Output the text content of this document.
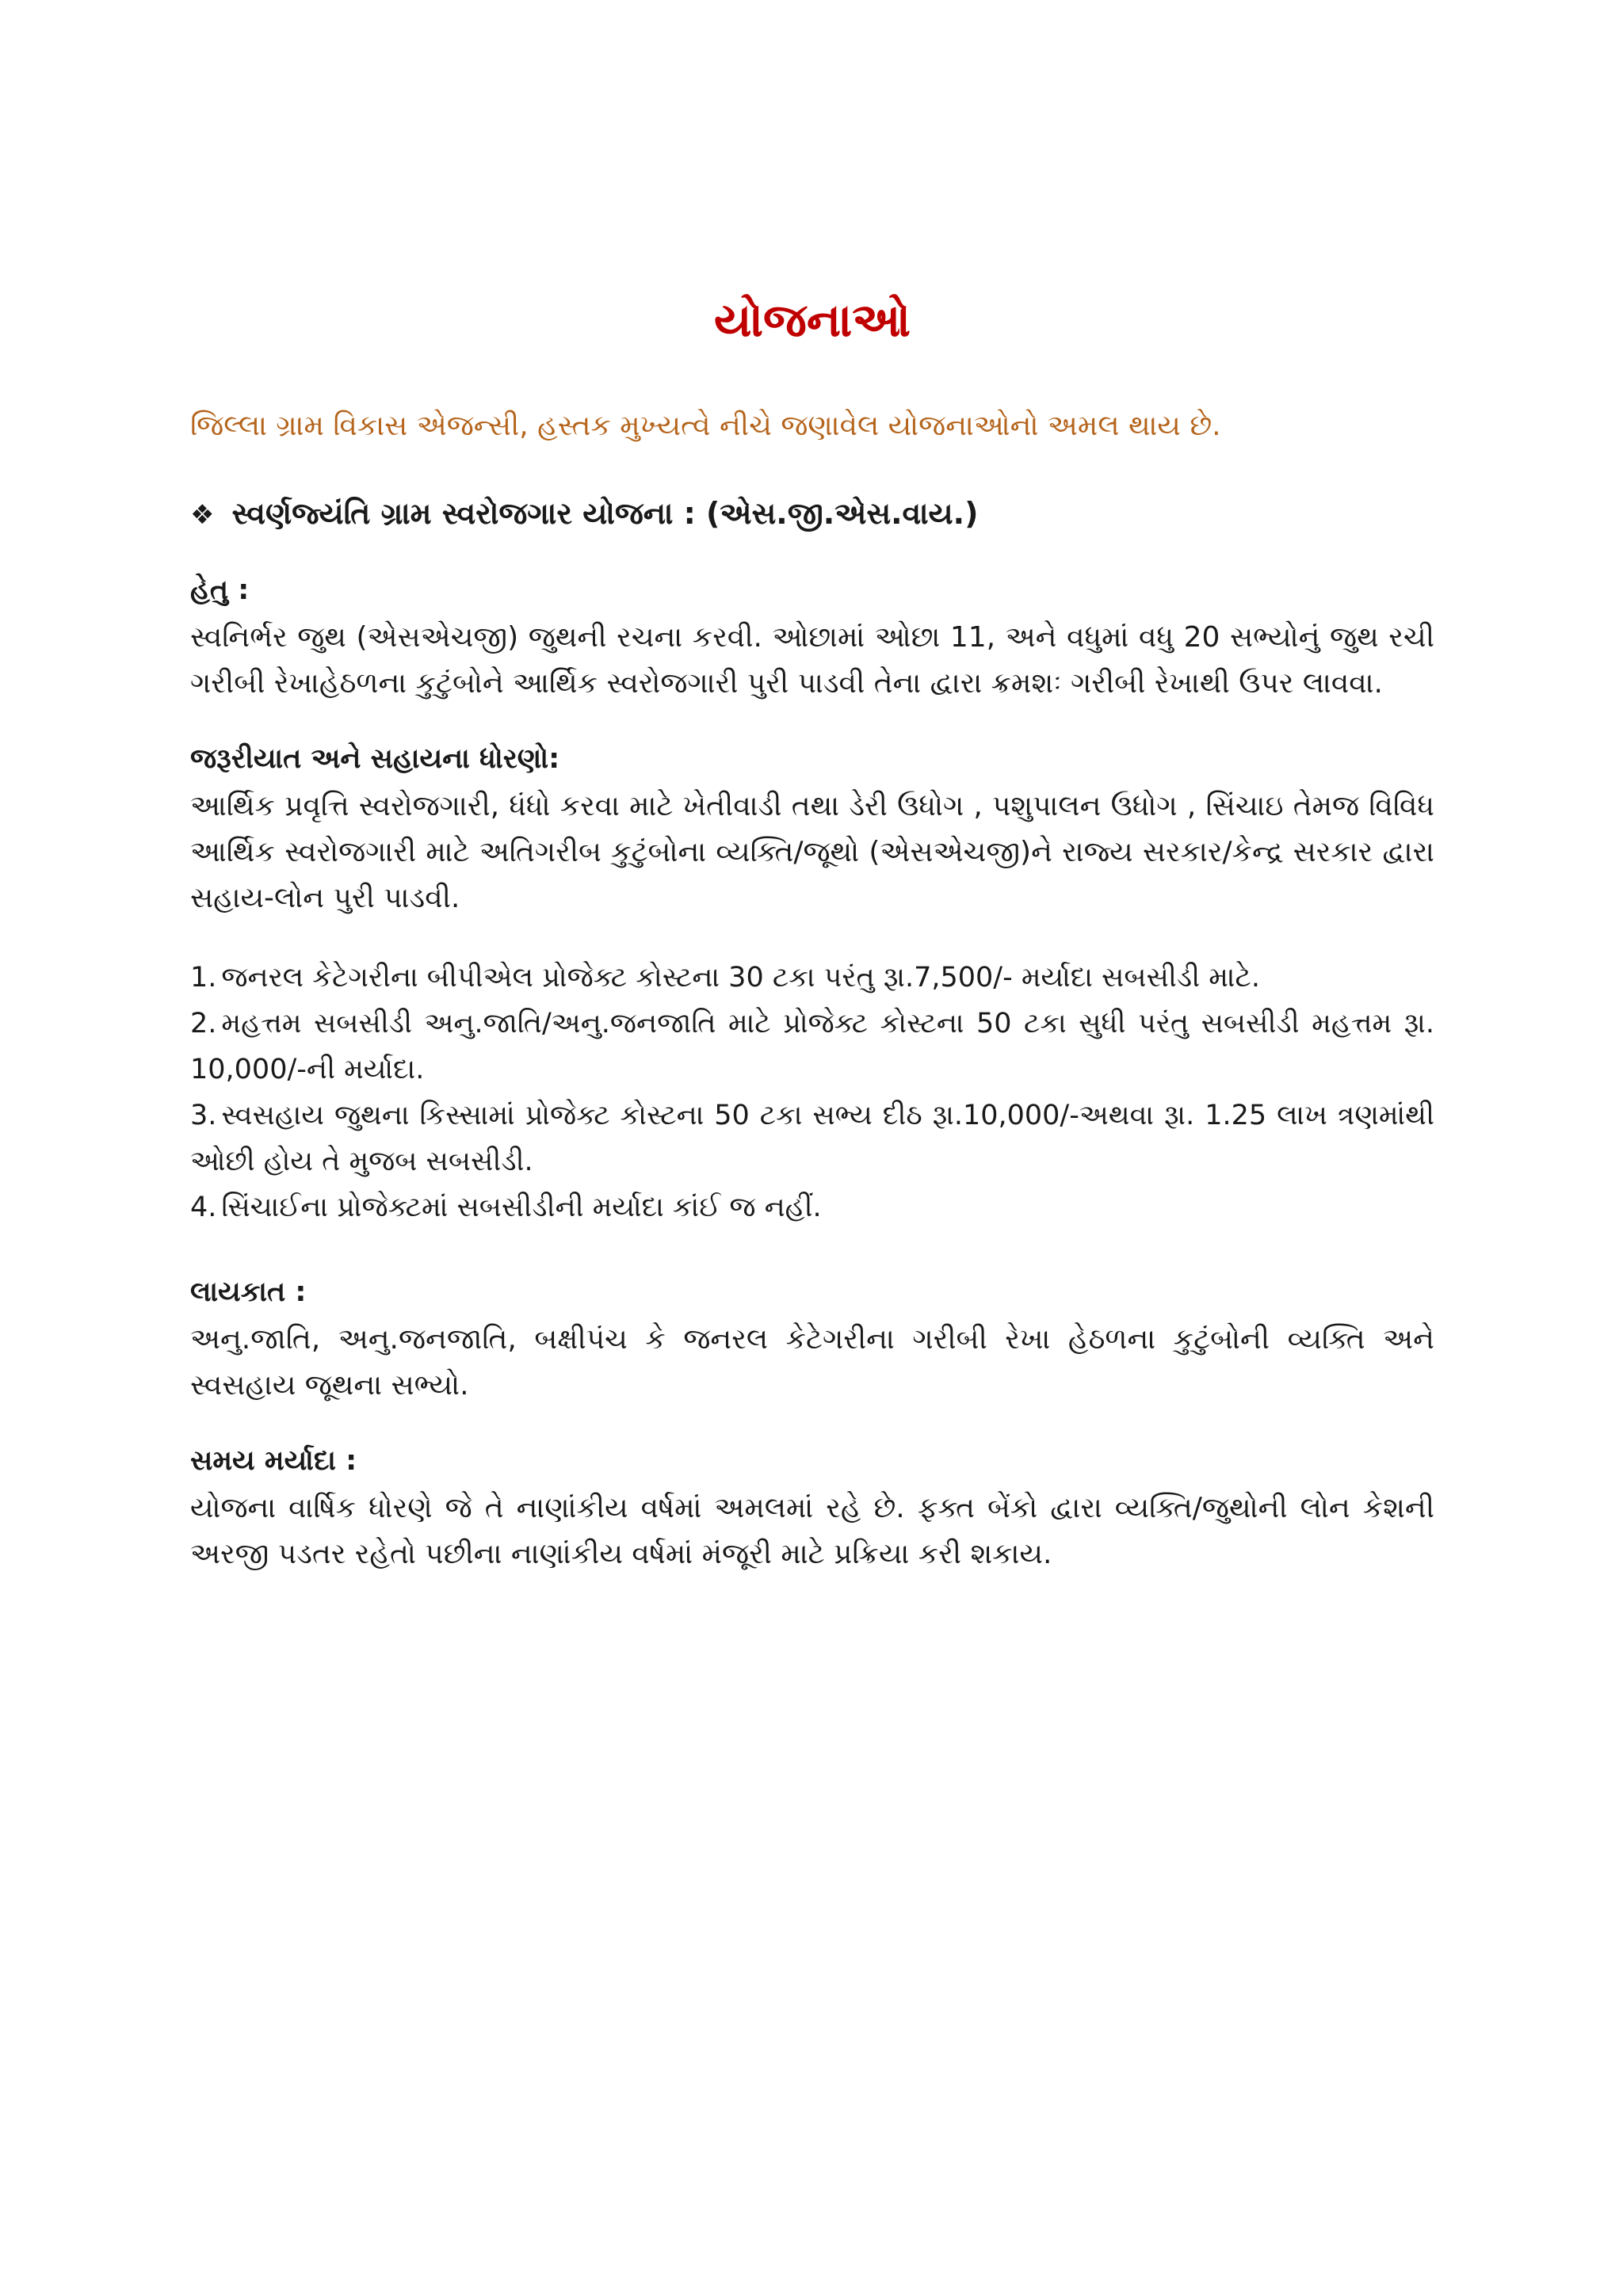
યોજનાઓ

જિલ્લા ગ્રામ વિકાસ એજન્સી, હસ્તક મુખ્યત્વે નીચે જણાવેલ યોજનાઓનો અમલ થાય છે.

❖ સ્વર્ણજ્યંતિ ગ્રામ સ્વરોજગાર યોજના : (એસ.જી.એસ.વાય.)
હેતુ :

સ્વનિર્ભર જુથ (એસએચજી) જુથની રચના કરવી. ઓછામાં ઓછા 11, અને વધુમાં વધુ 20 સભ્યોનું જુથ રચી ગરીબી રેખાહેઠળના કુટુંબોને આર્થિક સ્વરોજગારી પુરી પાડવી તેના દ્વારા ક્રમશઃ ગરીબી રેખાથી ઉપર લાવવા.

જરૂરીયાત અને સહાયના ધોરણો:

આર્થિક પ્રવૃત્તિ સ્વરોજગારી, ધંધો કરવા માટે ખેતીવાડી તથા ડેરી ઉધોગ , પશુપાલન ઉધોગ , સિંચાઇ તેમજ વિવિધ આર્થિક સ્વરોજગારી માટે અતિગરીબ કુટુંબોના વ્યક્તિ/જૂથો (એસએચજી)ને રાજ્ય સરકાર/કેન્દ્ર સરકાર દ્વારા સહાય-લોન પુરી પાડવી.

1. જનરલ કેટેગરીના બીપીએલ પ્રોજેક્ટ કોસ્ટના 30 ટકા પરંતુ રૂા.7,500/- મર્યાદા સબસીડી માટે.
2. મહત્તમ સબસીડી અનુ.જાતિ/અનુ.જનજાતિ માટે પ્રોજેક્ટ કોસ્ટના 50 ટકા સુધી પરંતુ સબસીડી મહત્તમ રૂા. 10,000/-ની મર્યાદા.
3. સ્વસહાય જુથના કિસ્સામાં પ્રોજેક્ટ કોસ્ટના 50 ટકા સભ્ય દીઠ રૂા.10,000/-અથવા રૂા. 1.25 લાખ ત્રણમાંથી ઓછી હોય તે મુજબ સબસીડી.
4. સિંચાઈના પ્રોજેક્ટમાં સબસીડીની મર્યાદા કાંઈ જ નહીં.
લાયકાત :

અનુ.જાતિ, અનુ.જનજાતિ, બક્ષીપંચ કે જનરલ કેટેગરીના ગરીબી રેખા હેઠળના કુટુંબોની વ્યક્તિ અને સ્વસહાય જૂથના સભ્યો.

સમય મર્યાદા :

યોજના વાર્ષિક ધોરણે જે તે નાણાંકીય વર્ષમાં અમલમાં રહે છે. ફક્ત બેંકો દ્વારા વ્યક્તિ/જુથોની લોન કેશની અરજી પડતર રહેતો પછીના નાણાંકીય વર્ષમાં મંજૂરી માટે પ્રક્રિયા કરી શકાય.
